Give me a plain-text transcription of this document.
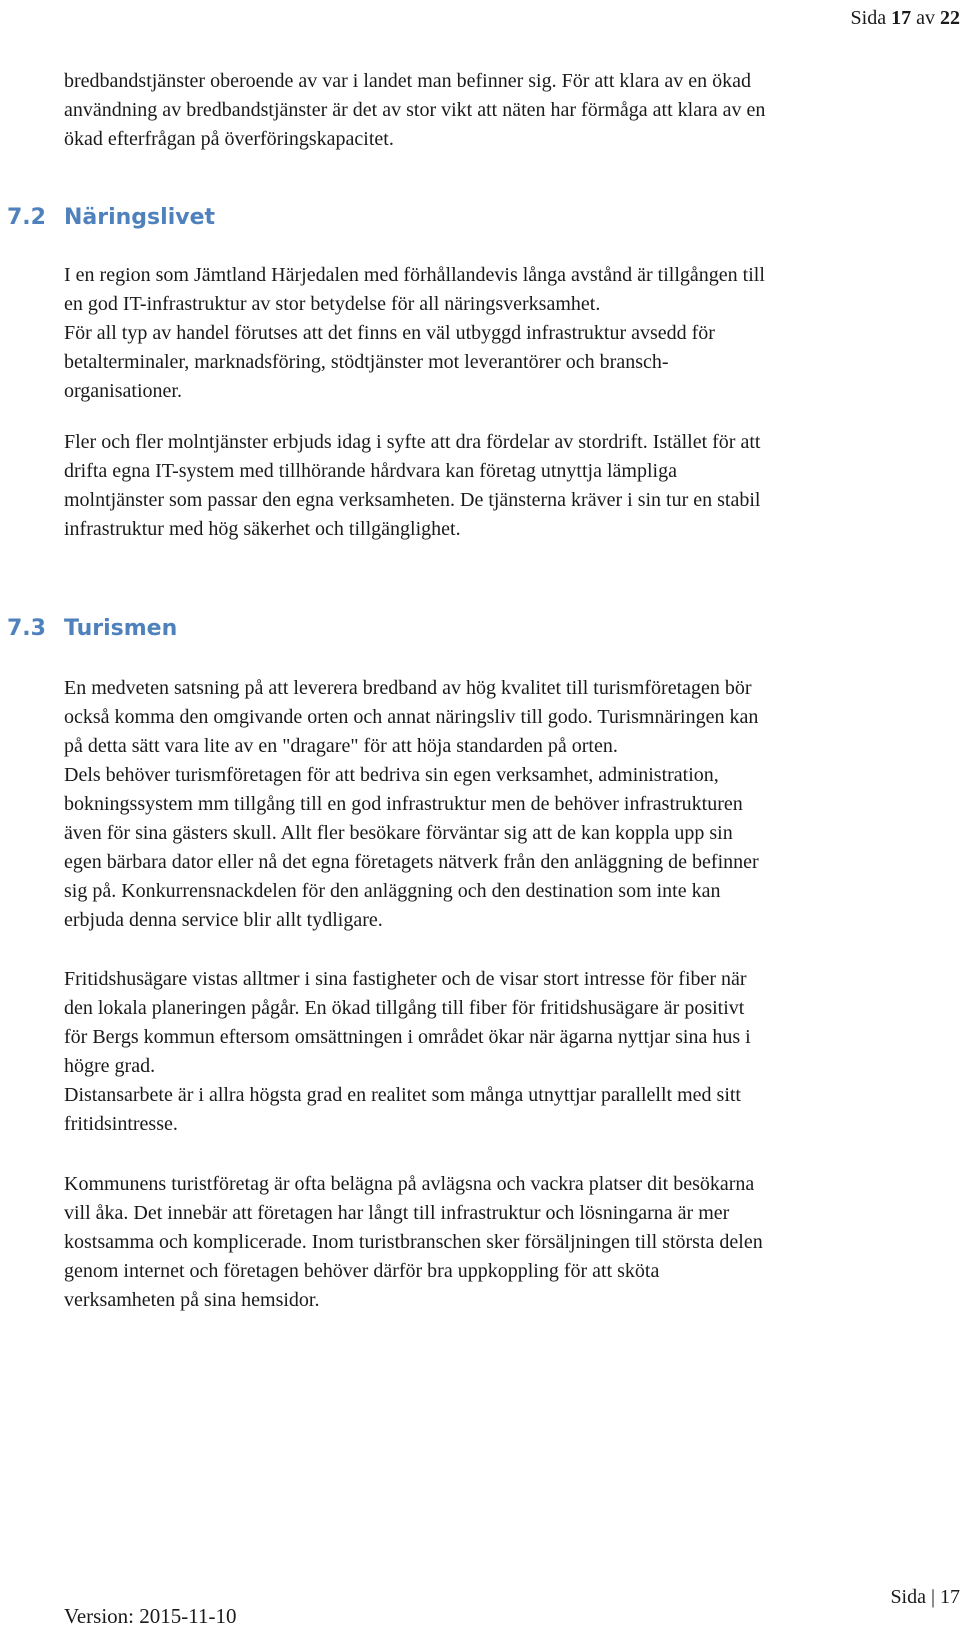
Sida 17 av 22

bredbandstjänster oberoende av var i landet man befinner sig. För att klara av en ökad

användning av bredbandstjänster är det av stor vikt att näten har förmåga att klara av en

ökad efterfrågan på överföringskapacitet.

7.2 Näringslivet

I en region som Jämtland Härjedalen med förhållandevis långa avstånd är tillgången till

en god IT-infrastruktur av stor betydelse för all näringsverksamhet.

För all typ av handel förutses att det finns en väl utbyggd infrastruktur avsedd för

betalterminaler, marknadsföring, stödtjänster mot leverantörer och bransch-

organisationer.

Fler och fler molntjänster erbjuds idag i syfte att dra fördelar av stordrift. Istället för att

drifta egna IT-system med tillhörande hårdvara kan företag utnyttja lämpliga

molntjänster som passar den egna verksamheten. De tjänsterna kräver i sin tur en stabil

infrastruktur med hög säkerhet och tillgänglighet.

7.3 Turismen

En medveten satsning på att leverera bredband av hög kvalitet till turismföretagen bör

också komma den omgivande orten och annat näringsliv till godo. Turismnäringen kan

på detta sätt vara lite av en "dragare" för att höja standarden på orten.

Dels behöver turismföretagen för att bedriva sin egen verksamhet, administration,

bokningssystem mm tillgång till en god infrastruktur men de behöver infrastrukturen

även för sina gästers skull. Allt fler besökare förväntar sig att de kan koppla upp sin

egen bärbara dator eller nå det egna företagets nätverk från den anläggning de befinner

sig på. Konkurrensnackdelen för den anläggning och den destination som inte kan

erbjuda denna service blir allt tydligare.

Fritidshusägare vistas alltmer i sina fastigheter och de visar stort intresse för fiber när

den lokala planeringen pågår. En ökad tillgång till fiber för fritidshusägare är positivt

för Bergs kommun eftersom omsättningen i området ökar när ägarna nyttjar sina hus i

högre grad.

Distansarbete är i allra högsta grad en realitet som många utnyttjar parallellt med sitt

fritidsintresse.

Kommunens turistföretag är ofta belägna på avlägsna och vackra platser dit besökarna

vill åka. Det innebär att företagen har långt till infrastruktur och lösningarna är mer

kostsamma och komplicerade. Inom turistbranschen sker försäljningen till största delen

genom internet och företagen behöver därför bra uppkoppling för att sköta

verksamheten på sina hemsidor.

Sida | 17
Version: 2015-11-10
